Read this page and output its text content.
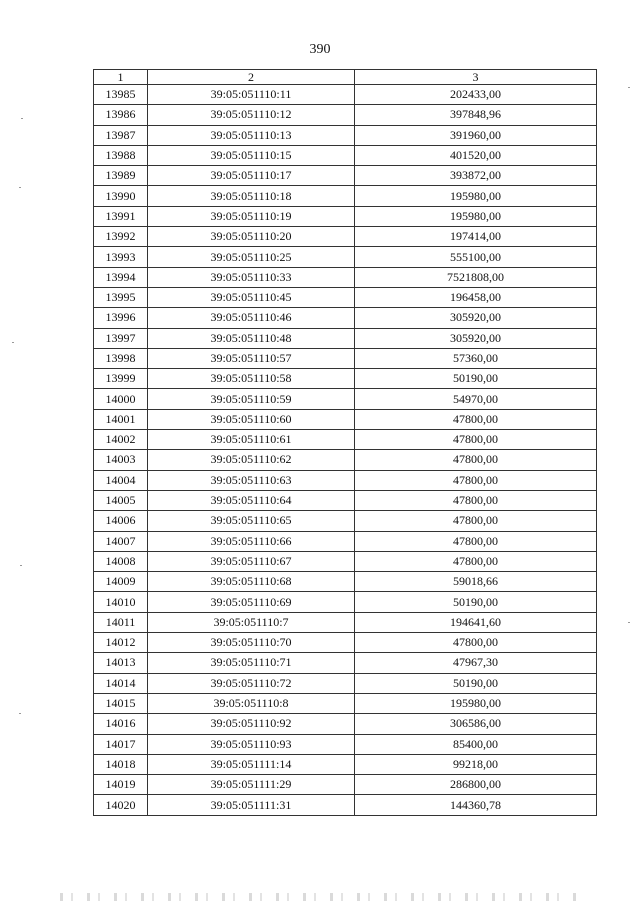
390
1	2	3
13985	39:05:051110:11	202433,00
13986	39:05:051110:12	397848,96
13987	39:05:051110:13	391960,00
13988	39:05:051110:15	401520,00
13989	39:05:051110:17	393872,00
13990	39:05:051110:18	195980,00
13991	39:05:051110:19	195980,00
13992	39:05:051110:20	197414,00
13993	39:05:051110:25	555100,00
13994	39:05:051110:33	7521808,00
13995	39:05:051110:45	196458,00
13996	39:05:051110:46	305920,00
13997	39:05:051110:48	305920,00
13998	39:05:051110:57	57360,00
13999	39:05:051110:58	50190,00
14000	39:05:051110:59	54970,00
14001	39:05:051110:60	47800,00
14002	39:05:051110:61	47800,00
14003	39:05:051110:62	47800,00
14004	39:05:051110:63	47800,00
14005	39:05:051110:64	47800,00
14006	39:05:051110:65	47800,00
14007	39:05:051110:66	47800,00
14008	39:05:051110:67	47800,00
14009	39:05:051110:68	59018,66
14010	39:05:051110:69	50190,00
14011	39:05:051110:7	194641,60
14012	39:05:051110:70	47800,00
14013	39:05:051110:71	47967,30
14014	39:05:051110:72	50190,00
14015	39:05:051110:8	195980,00
14016	39:05:051110:92	306586,00
14017	39:05:051110:93	85400,00
14018	39:05:051111:14	99218,00
14019	39:05:051111:29	286800,00
14020	39:05:051111:31	144360,78
